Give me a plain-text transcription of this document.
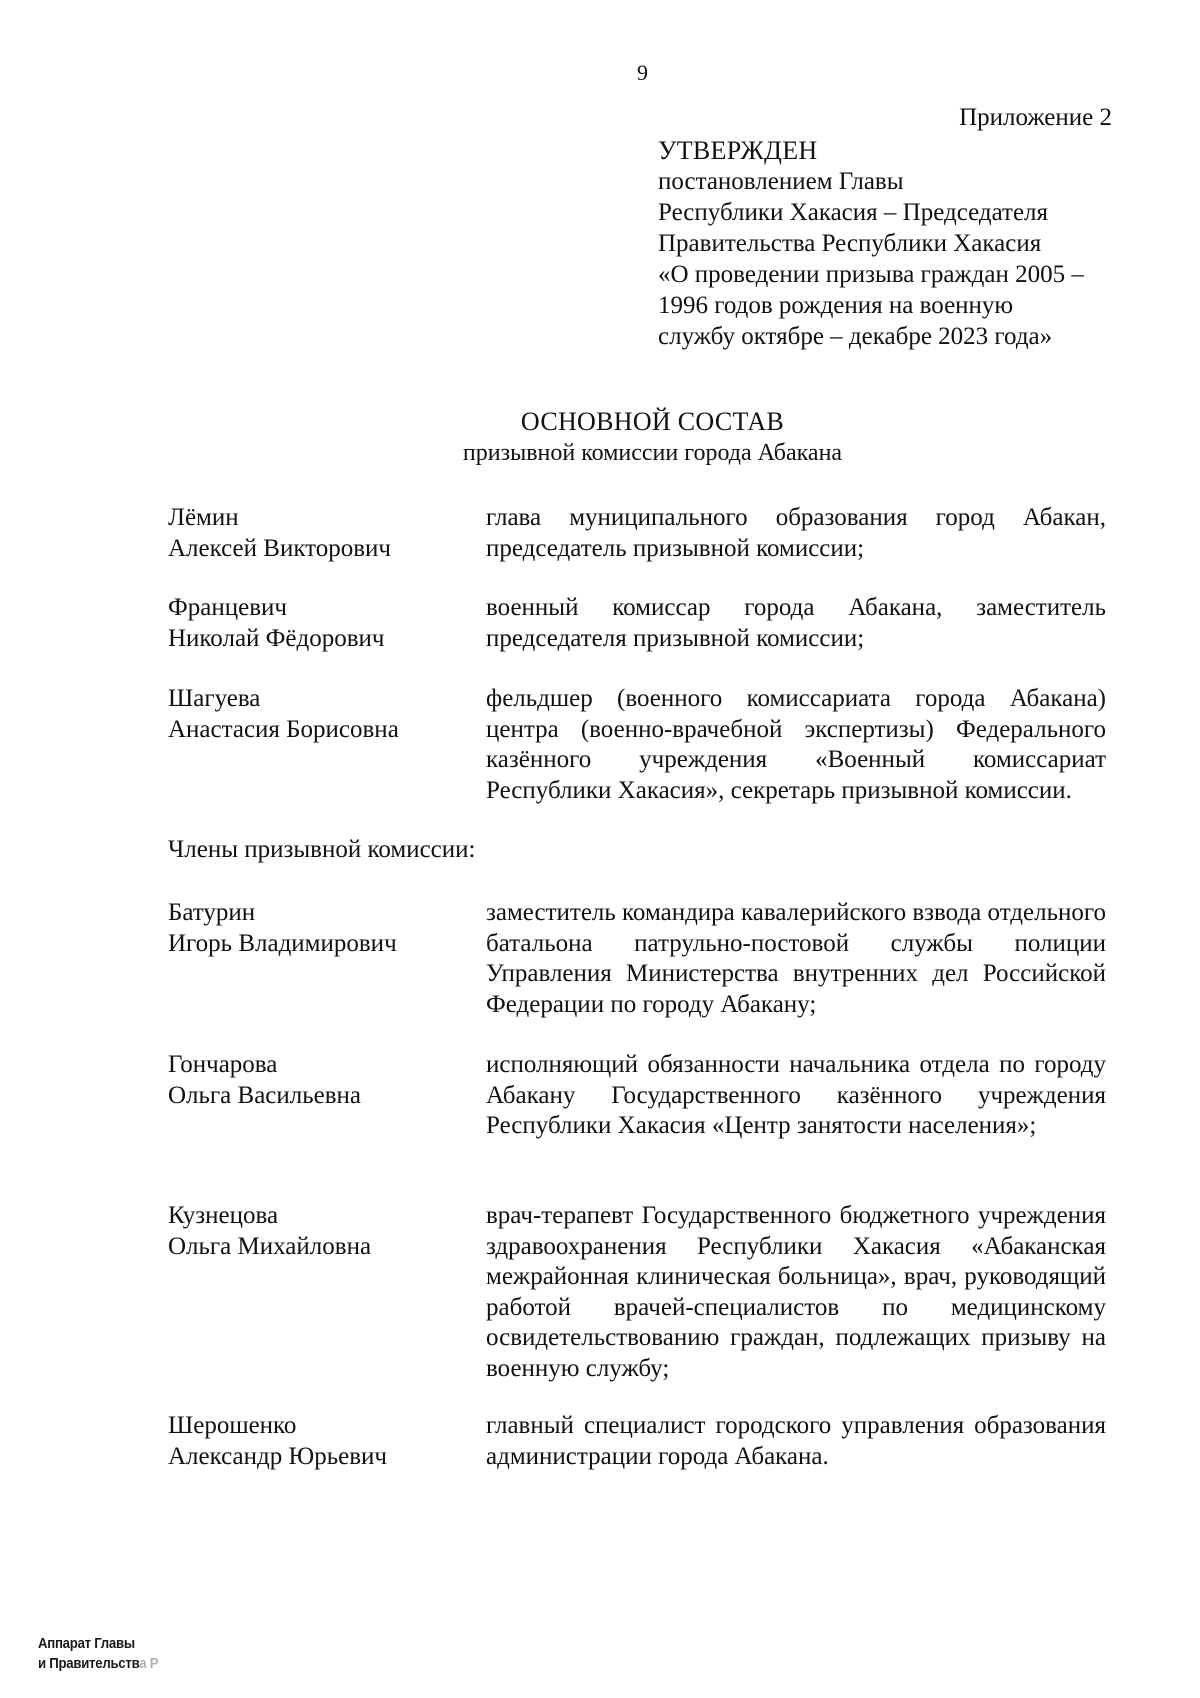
9
Приложение 2
УТВЕРЖДЕН
постановлением Главы
Республики Хакасия – Председателя
Правительства Республики Хакасия
«О проведении призыва граждан 2005 –
1996 годов рождения на военную
службу октябре – декабре 2023 года»
ОСНОВНОЙ СОСТАВ
призывной комиссии города Абакана
Лёмин
Алексей Викторович
глава муниципального образования город Абакан, председатель призывной комиссии;
Францевич
Николай Фёдорович
военный комиссар города Абакана, заместитель председателя призывной комиссии;
Шагуева
Анастасия Борисовна
фельдшер (военного комиссариата города Абакана) центра (военно-врачебной экспертизы) Федерального казённого учреждения «Военный комиссариат Республики Хакасия», секретарь призывной комиссии.
Члены призывной комиссии:
Батурин
Игорь Владимирович
заместитель командира кавалерийского взвода отдельного батальона патрульно-постовой службы полиции Управления Министерства внутренних дел Российской Федерации по городу Абакану;
Гончарова
Ольга Васильевна
исполняющий обязанности начальника отдела по городу Абакану Государственного казённого учреждения Республики Хакасия «Центр занятости населения»;
Кузнецова
Ольга Михайловна
врач-терапевт Государственного бюджетного учреждения здравоохранения Республики Хакасия «Абаканская межрайонная клиническая больница», врач, руководящий работой врачей-специалистов по медицинскому освидетельствованию граждан, подлежащих призыву на военную службу;
Шерошенко
Александр Юрьевич
главный специалист городского управления образования администрации города Абакана.
Аппарат Главы
и Правительства Р
